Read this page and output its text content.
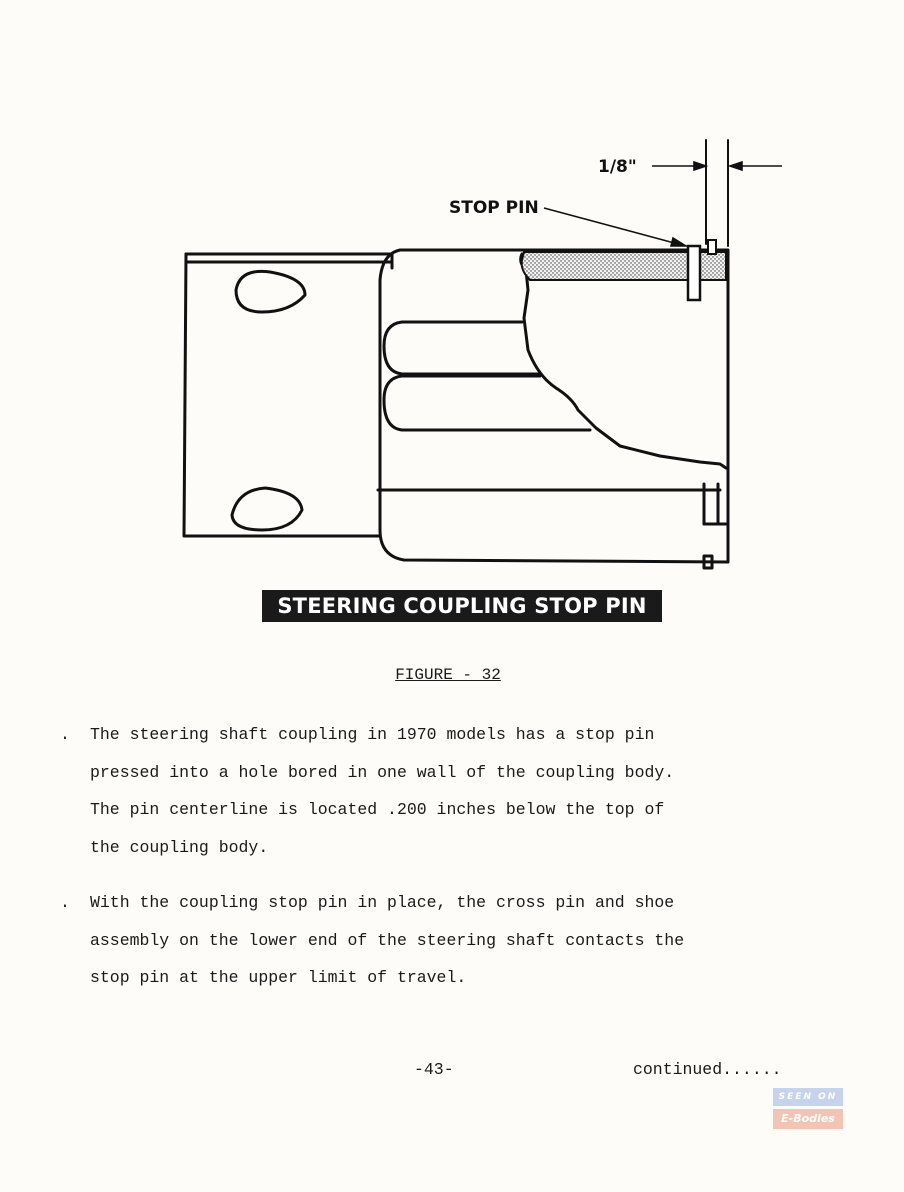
1/8"
STOP PIN
STEERING COUPLING STOP PIN
FIGURE - 32
. The steering shaft coupling in 1970 models has a stop pin
pressed into a hole bored in one wall of the coupling body.
The pin centerline is located .200 inches below the top of
the coupling body.
. With the coupling stop pin in place, the cross pin and shoe
assembly on the lower end of the steering shaft contacts the
stop pin at the upper limit of travel.
-43-	continued......
SEEN ON
E-Bodies
